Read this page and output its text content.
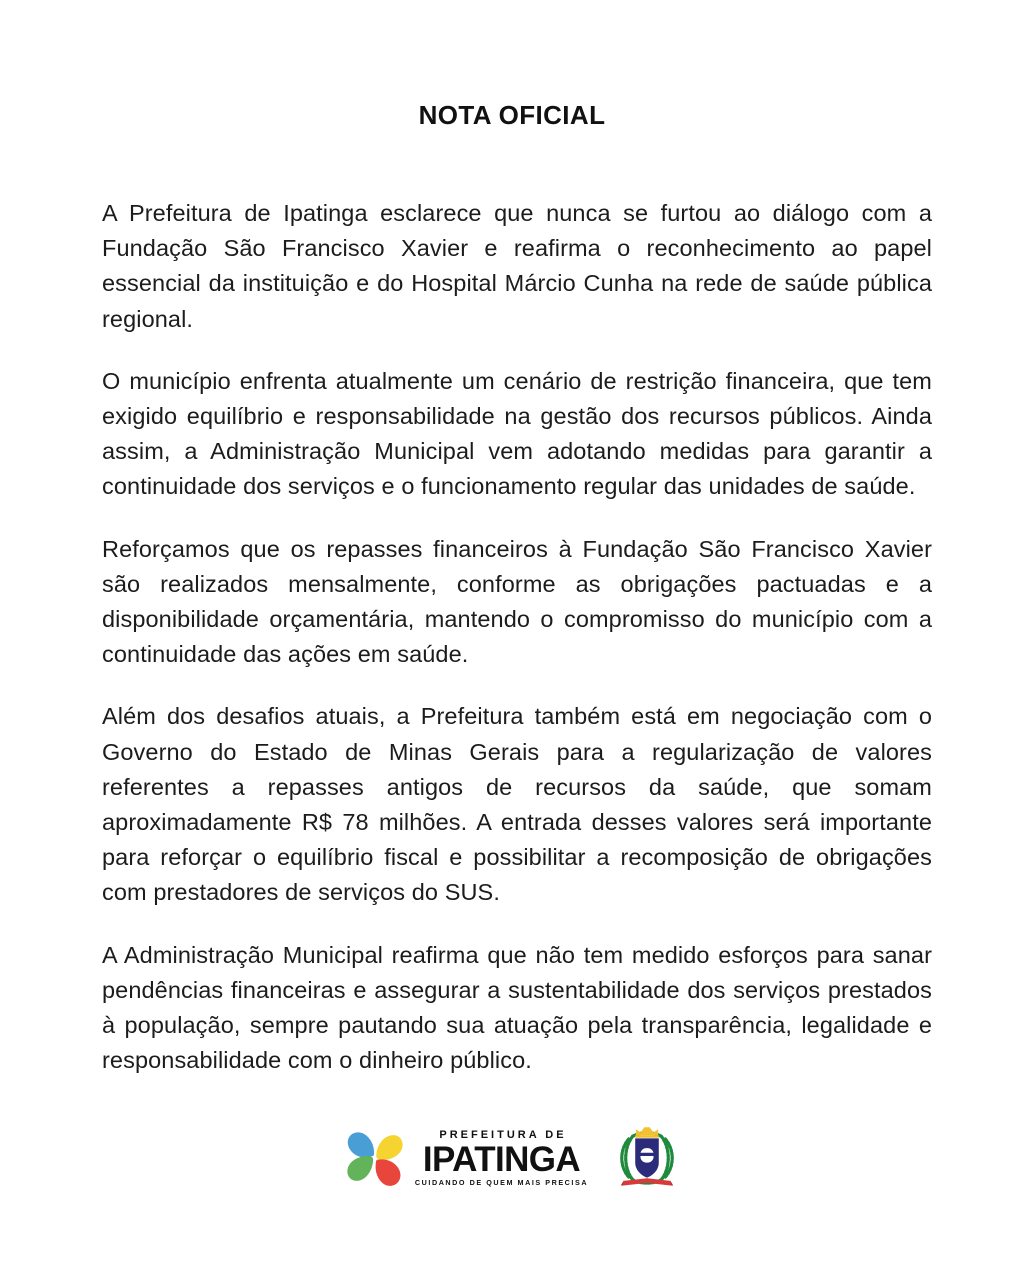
NOTA OFICIAL

A Prefeitura de Ipatinga esclarece que nunca se furtou ao diálogo com a Fundação São Francisco Xavier e reafirma o reconhecimento ao papel essencial da instituição e do Hospital Márcio Cunha na rede de saúde pública regional.

O município enfrenta atualmente um cenário de restrição financeira, que tem exigido equilíbrio e responsabilidade na gestão dos recursos públicos. Ainda assim, a Administração Municipal vem adotando medidas para garantir a continuidade dos serviços e o funcionamento regular das unidades de saúde.

Reforçamos que os repasses financeiros à Fundação São Francisco Xavier são realizados mensalmente, conforme as obrigações pactuadas e a disponibilidade orçamentária, mantendo o compromisso do município com a continuidade das ações em saúde.

Além dos desafios atuais, a Prefeitura também está em negociação com o Governo do Estado de Minas Gerais para a regularização de valores referentes a repasses antigos de recursos da saúde, que somam aproximadamente R$ 78 milhões. A entrada desses valores será importante para reforçar o equilíbrio fiscal e possibilitar a recomposição de obrigações com prestadores de serviços do SUS.

A Administração Municipal reafirma que não tem medido esforços para sanar pendências financeiras e assegurar a sustentabilidade dos serviços prestados à população, sempre pautando sua atuação pela transparência, legalidade e responsabilidade com o dinheiro público.

PREFEITURA DE
IPATINGA
CUIDANDO DE QUEM MAIS PRECISA
